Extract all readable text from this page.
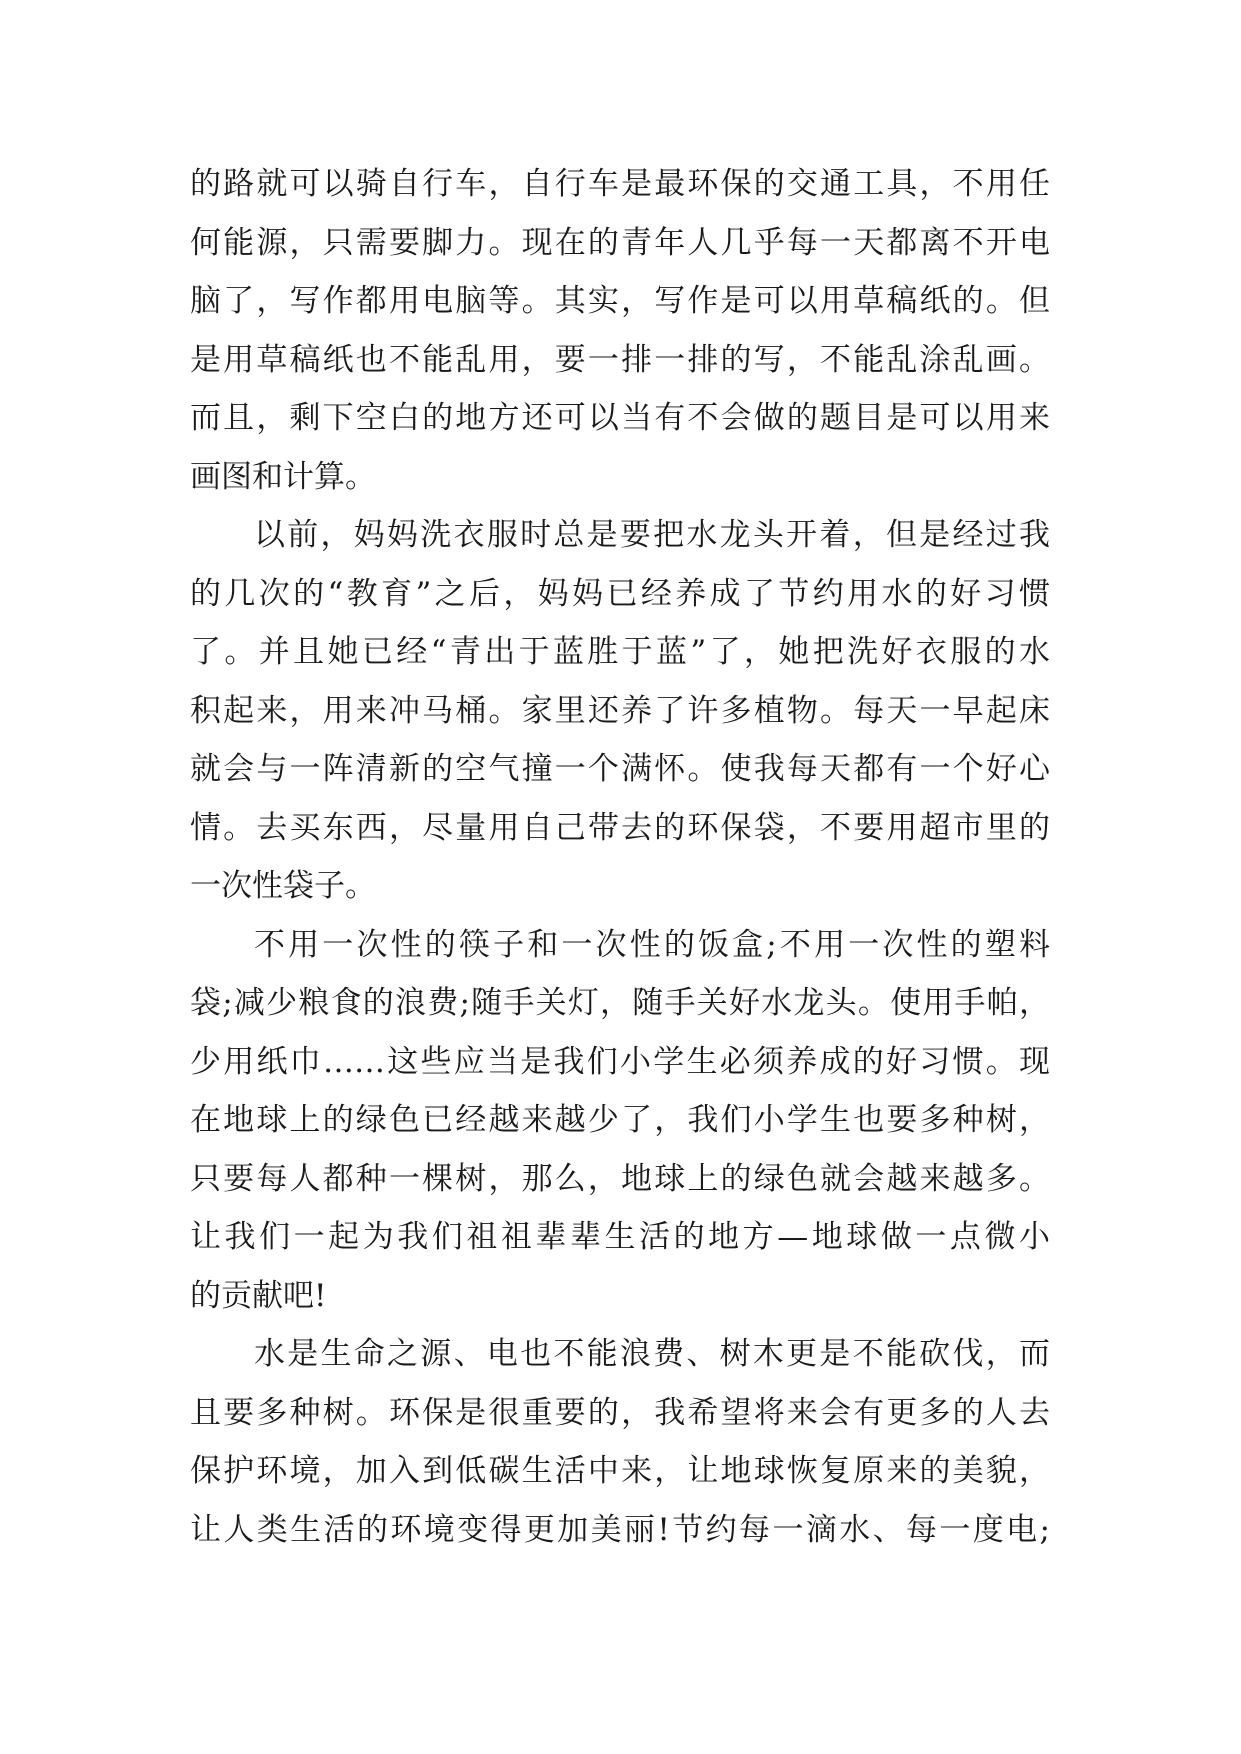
的路就可以骑自行车，自行车是最环保的交通工具，不用任
何能源，只需要脚力。现在的青年人几乎每一天都离不开电
脑了，写作都用电脑等。其实，写作是可以用草稿纸的。但
是用草稿纸也不能乱用，要一排一排的写，不能乱涂乱画。
而且，剩下空白的地方还可以当有不会做的题目是可以用来
画图和计算。
以前，妈妈洗衣服时总是要把水龙头开着，但是经过我
的几次的“教育”之后，妈妈已经养成了节约用水的好习惯
了。并且她已经“青出于蓝胜于蓝”了，她把洗好衣服的水
积起来，用来冲马桶。家里还养了许多植物。每天一早起床
就会与一阵清新的空气撞一个满怀。使我每天都有一个好心
情。去买东西，尽量用自己带去的环保袋，不要用超市里的
一次性袋子。
不用一次性的筷子和一次性的饭盒;不用一次性的塑料
袋;减少粮食的浪费;随手关灯，随手关好水龙头。使用手帕，
少用纸巾……这些应当是我们小学生必须养成的好习惯。现
在地球上的绿色已经越来越少了，我们小学生也要多种树，
只要每人都种一棵树，那么，地球上的绿色就会越来越多。
让我们一起为我们祖祖辈辈生活的地方—地球做一点微小
的贡献吧!
水是生命之源、电也不能浪费、树木更是不能砍伐，而
且要多种树。环保是很重要的，我希望将来会有更多的人去
保护环境，加入到低碳生活中来，让地球恢复原来的美貌，
让人类生活的环境变得更加美丽!节约每一滴水、每一度电;
